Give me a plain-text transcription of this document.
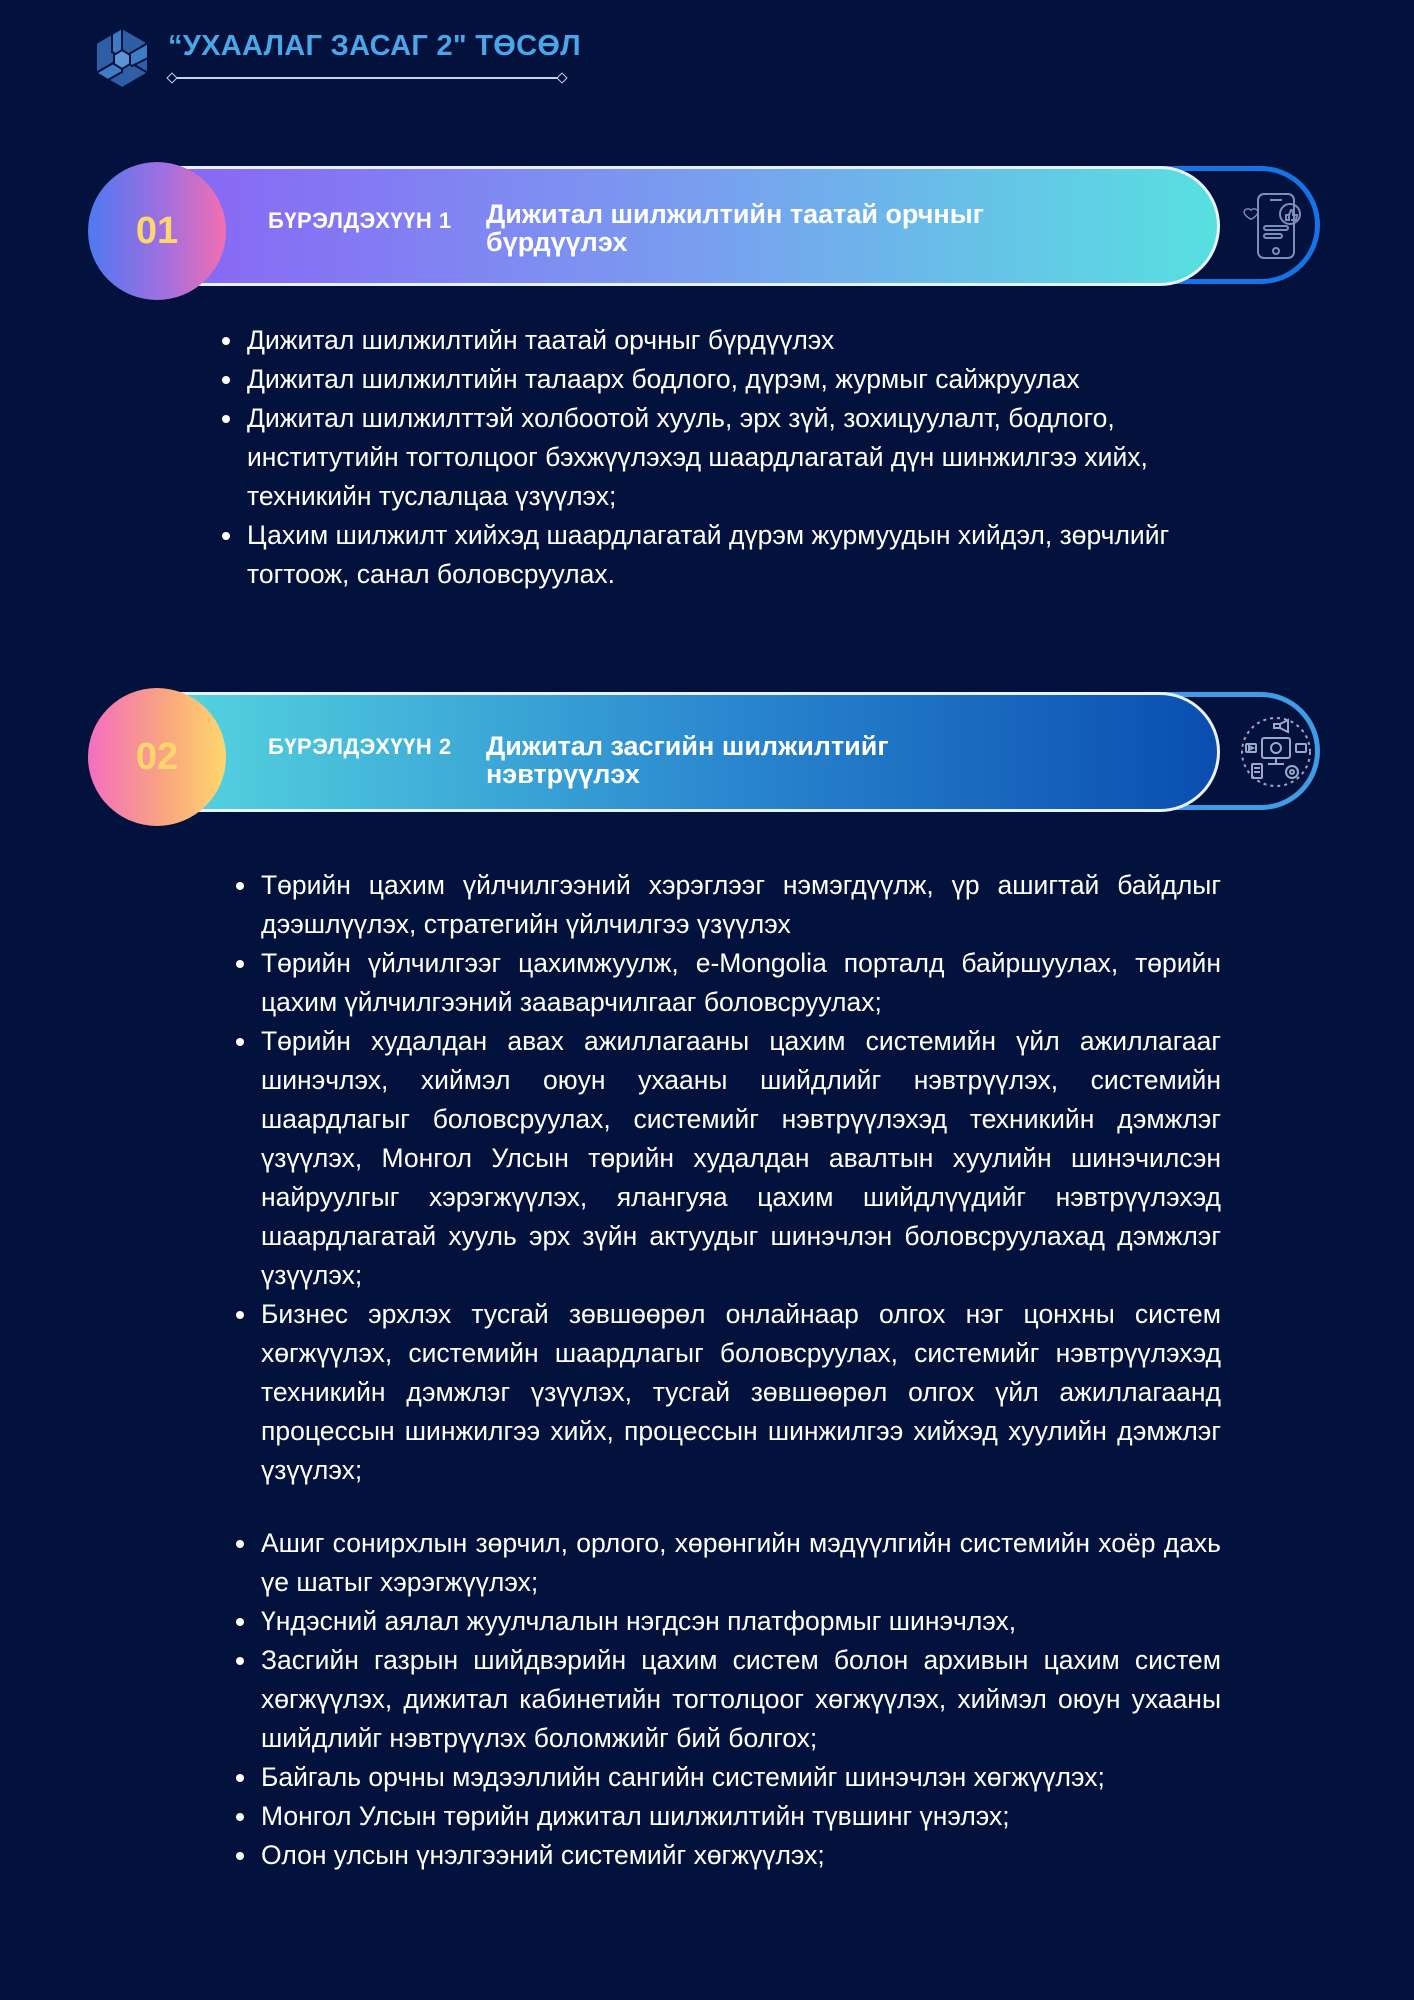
“УХААЛАГ ЗАСАГ 2" ТӨСӨЛ
01	БҮРЭЛДЭХҮҮН 1 Дижитал шилжилтийн таатай орчныг бүрдүүлэх
Дижитал шилжилтийн таатай орчныг бүрдүүлэх
Дижитал шилжилтийн талаарх бодлого, дүрэм, журмыг сайжруулах
Дижитал шилжилттэй холбоотой хууль, эрх зүй, зохицуулалт, бодлого, институтийн тогтолцоог бэхжүүлэхэд шаардлагатай дүн шинжилгээ хийх, техникийн туслалцаа үзүүлэх;
Цахим шилжилт хийхэд шаардлагатай дүрэм журмуудын хийдэл, зөрчлийг тогтоож, санал боловсруулах.
02	БҮРЭЛДЭХҮҮН 2 Дижитал засгийн шилжилтийг нэвтрүүлэх
Төрийн цахим үйлчилгээний хэрэглээг нэмэгдүүлж, үр ашигтай байдлыг дээшлүүлэх, стратегийн үйлчилгээ үзүүлэх
Төрийн үйлчилгээг цахимжуулж, e-Mongolia порталд байршуулах, төрийн цахим үйлчилгээний зааварчилгааг боловсруулах;
Төрийн худалдан авах ажиллагааны цахим системийн үйл ажиллагааг шинэчлэх, хиймэл оюун ухааны шийдлийг нэвтрүүлэх, системийн шаардлагыг боловсруулах, системийг нэвтрүүлэхэд техникийн дэмжлэг үзүүлэх, Монгол Улсын төрийн худалдан авалтын хуулийн шинэчилсэн найруулгыг хэрэгжүүлэх, ялангуяа цахим шийдлүүдийг нэвтрүүлэхэд шаардлагатай хууль эрх зүйн актуудыг шинэчлэн боловсруулахад дэмжлэг үзүүлэх;
Бизнес эрхлэх тусгай зөвшөөрөл онлайнаар олгох нэг цонхны систем хөгжүүлэх, системийн шаардлагыг боловсруулах, системийг нэвтрүүлэхэд техникийн дэмжлэг үзүүлэх, тусгай зөвшөөрөл олгох үйл ажиллагаанд процессын шинжилгээ хийх, процессын шинжилгээ хийхэд хуулийн дэмжлэг үзүүлэх;
Ашиг сонирхлын зөрчил, орлого, хөрөнгийн мэдүүлгийн системийн хоёр дахь үе шатыг хэрэгжүүлэх;
Үндэсний аялал жуулчлалын нэгдсэн платформыг шинэчлэх,
Засгийн газрын шийдвэрийн цахим систем болон архивын цахим систем хөгжүүлэх, дижитал кабинетийн тогтолцоог хөгжүүлэх, хиймэл оюун ухааны шийдлийг нэвтрүүлэх боломжийг бий болгох;
Байгаль орчны мэдээллийн сангийн системийг шинэчлэн хөгжүүлэх;
Монгол Улсын төрийн дижитал шилжилтийн түвшинг үнэлэх;
Олон улсын үнэлгээний системийг хөгжүүлэх;
